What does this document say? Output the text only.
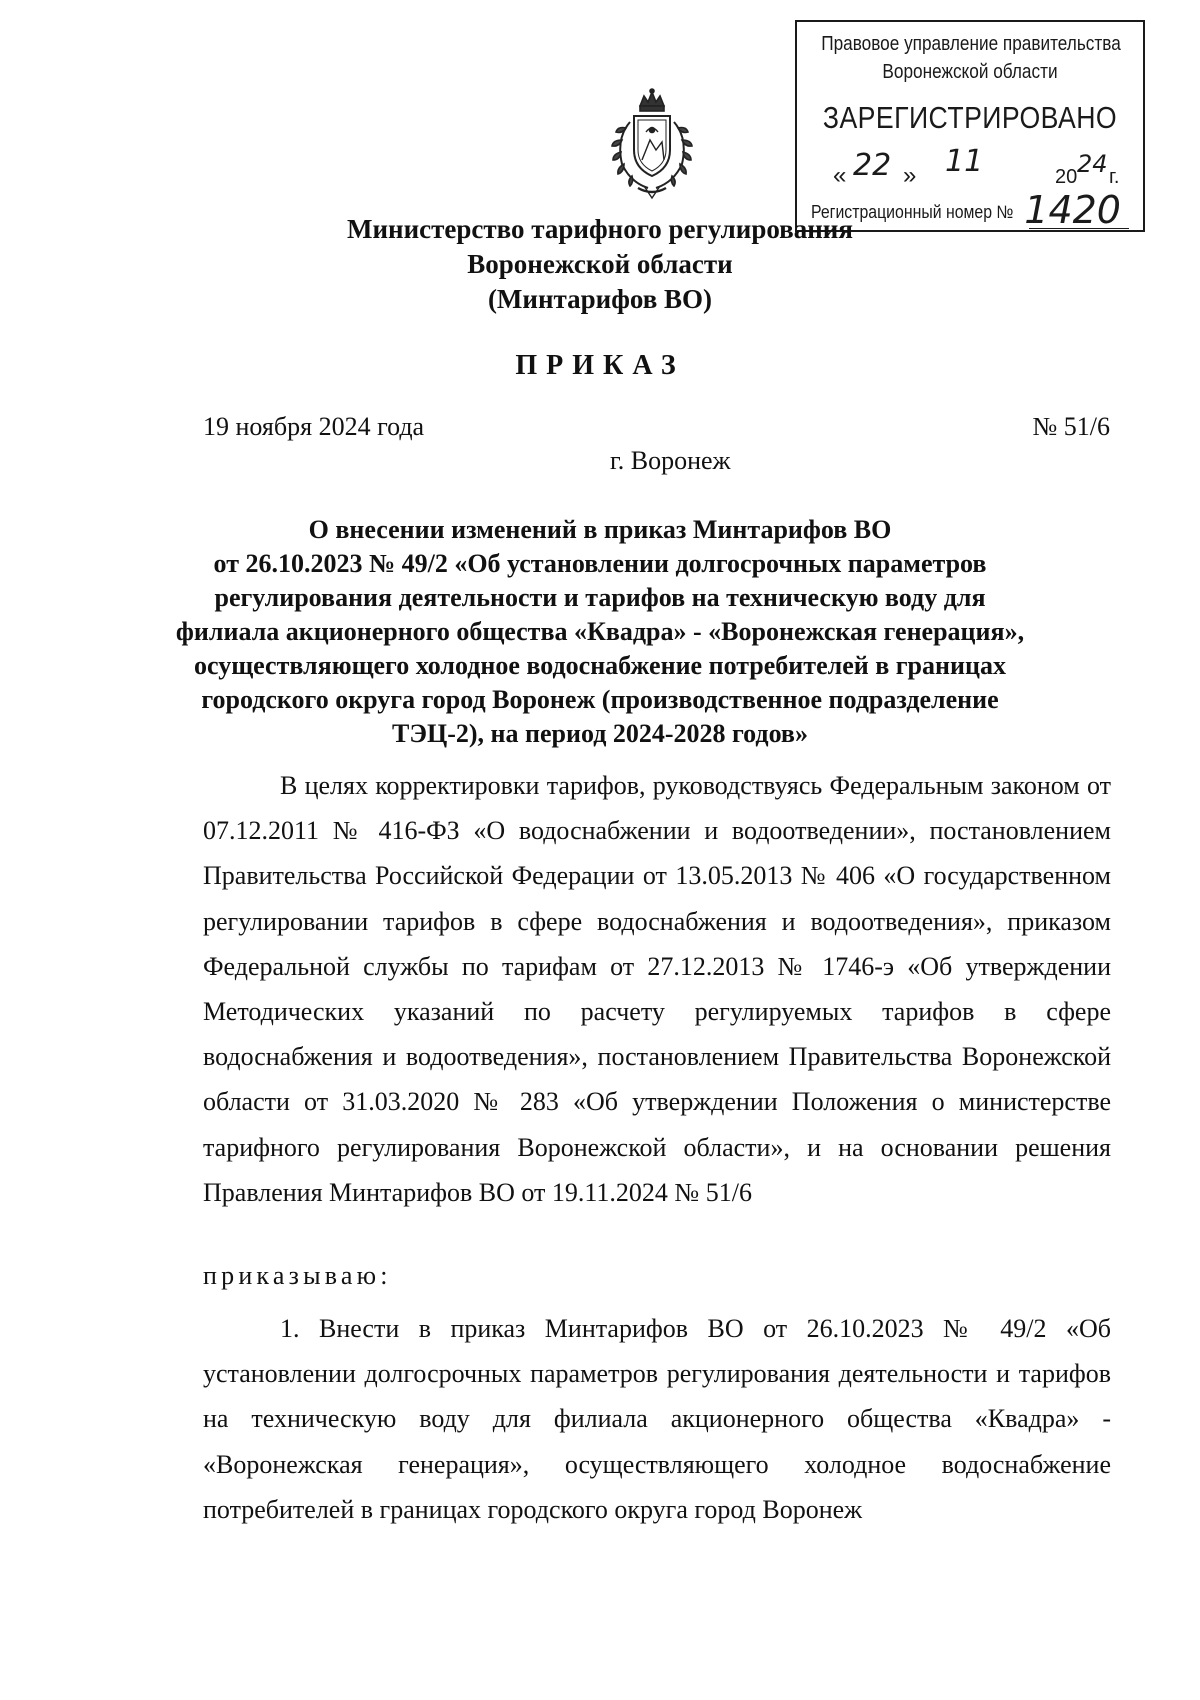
Правовое управление правительства
Воронежской области
ЗАРЕГИСТРИРОВАНО
« 22 » 11	20 24 г.
Регистрационный номер № 1420
Министерство тарифного регулирования
Воронежской области
(Минтарифов ВО)
ПРИКАЗ
19 ноября 2024 года	№ 51/6
г. Воронеж
О внесении изменений в приказ Минтарифов ВО
от 26.10.2023 № 49/2 «Об установлении долгосрочных параметров
регулирования деятельности и тарифов на техническую воду для
филиала акционерного общества «Квадра» - «Воронежская генерация»,
осуществляющего холодное водоснабжение потребителей в границах
городского округа город Воронеж (производственное подразделение
ТЭЦ-2), на период 2024-2028 годов»
В целях корректировки тарифов, руководствуясь Федеральным законом от 07.12.2011 № 416-ФЗ «О водоснабжении и водоотведении», постановлением Правительства Российской Федерации от 13.05.2013 № 406 «О государственном регулировании тарифов в сфере водоснабжения и водоотведения», приказом Федеральной службы по тарифам от 27.12.2013 № 1746-э «Об утверждении Методических указаний по расчету регулируемых тарифов в сфере водоснабжения и водоотведения», постановлением Правительства Воронежской области от 31.03.2020 № 283 «Об утверждении Положения о министерстве тарифного регулирования Воронежской области», и на основании решения Правления Минтарифов ВО от 19.11.2024 № 51/6
приказываю:
1. Внести в приказ Минтарифов ВО от 26.10.2023 № 49/2 «Об установлении долгосрочных параметров регулирования деятельности и тарифов на техническую воду для филиала акционерного общества «Квадра» - «Воронежская генерация», осуществляющего холодное водоснабжение потребителей в границах городского округа город Воронеж
